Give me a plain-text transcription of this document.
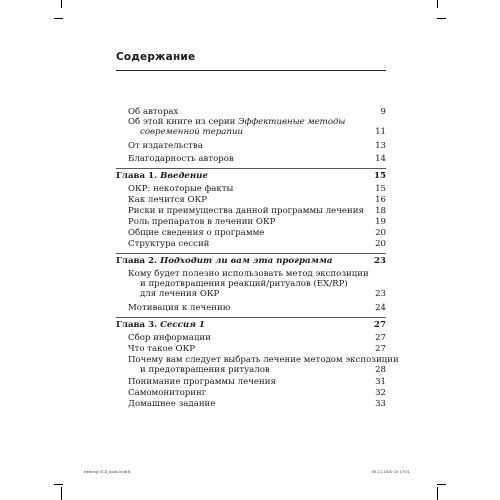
Содержание
Об авторах	9
Об этой книге из серии Эффективные методы
современной терапии	11
От издательства	13
Благодарность авторов	14
Глава 1. Введение	15
ОКР: некоторые факты	15
Как лечится ОКР	16
Риски и преимущества данной программы лечения	18
Роль препаратов в лечении ОКР	19
Общие сведения о программе	20
Структура сессий	20
Глава 2. Подходит ли вам эта программа	23
Кому будет полезно использовать метод экспозиции
и предотвращения реакций/ритуалов (EX/RP)
для лечения ОКР	23
Мотивация к лечению	24
Глава 3. Сессия 1	27
Сбор информации	27
Что такое ОКР	27
Почему вам следует выбрать лечение методом экспозиции
и предотвращения ритуалов	28
Понимание программы лечения	31
Самомониторинг	32
Домашнее задание	33
treating OCD_book.indb 6	05.11.2020 15:17:01
